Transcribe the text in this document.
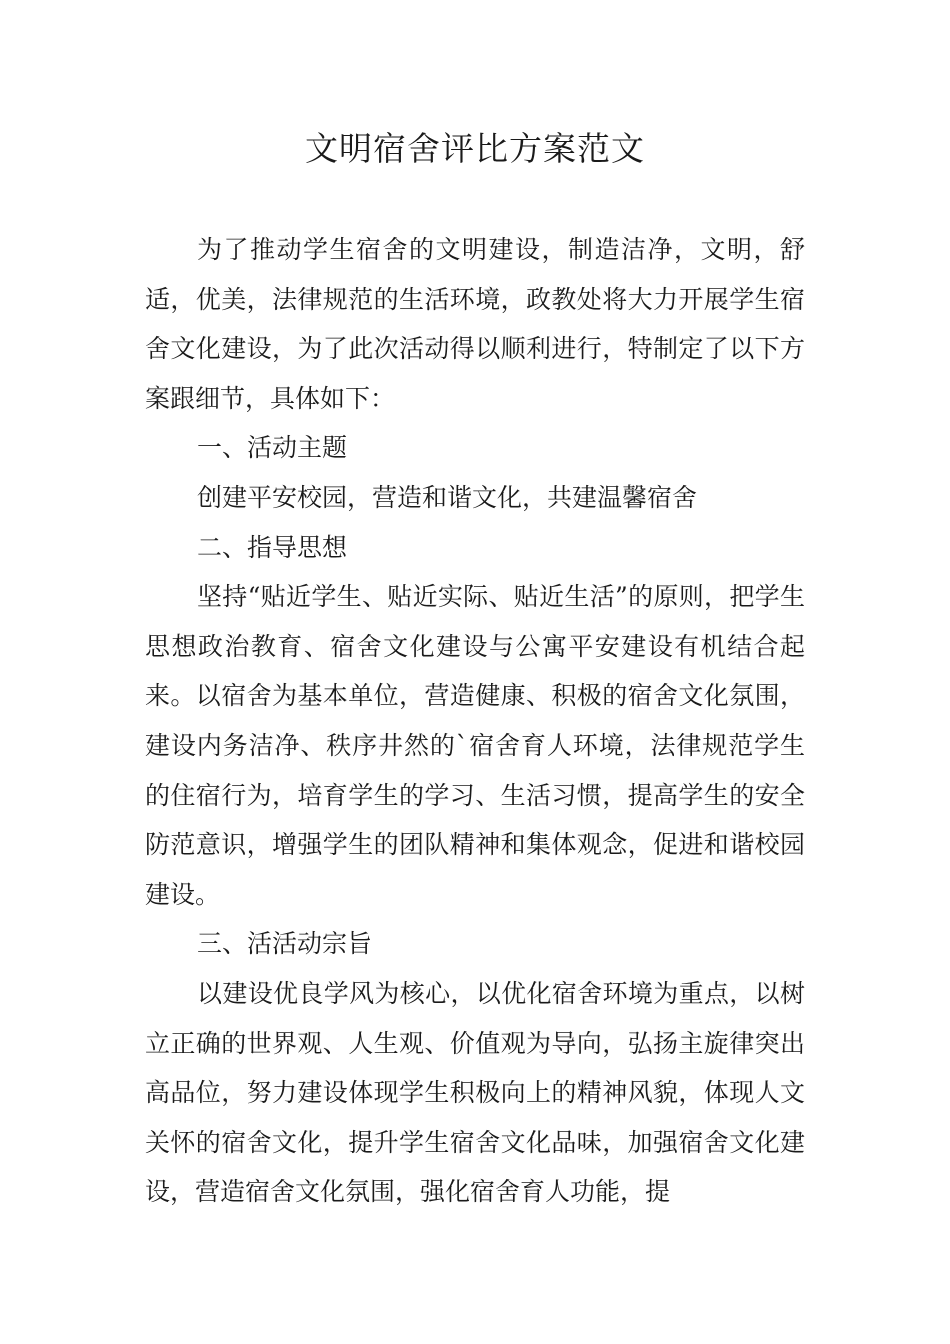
文明宿舍评比方案范文

为了推动学生宿舍的文明建设，制造洁净，文明，舒适，优美，法律规范的生活环境，政教处将大力开展学生宿舍文化建设，为了此次活动得以顺利进行，特制定了以下方案跟细节，具体如下：

一、活动主题

创建平安校园，营造和谐文化，共建温馨宿舍

二、指导思想

坚持“贴近学生、贴近实际、贴近生活”的原则，把学生思想政治教育、宿舍文化建设与公寓平安建设有机结合起来。以宿舍为基本单位，营造健康、积极的宿舍文化氛围，建设内务洁净、秩序井然的`宿舍育人环境，法律规范学生的住宿行为，培育学生的学习、生活习惯，提高学生的安全防范意识，增强学生的团队精神和集体观念，促进和谐校园建设。

三、活活动宗旨

以建设优良学风为核心，以优化宿舍环境为重点，以树立正确的世界观、人生观、价值观为导向，弘扬主旋律突出高品位，努力建设体现学生积极向上的精神风貌，体现人文关怀的宿舍文化，提升学生宿舍文化品味，加强宿舍文化建设，营造宿舍文化氛围，强化宿舍育人功能，提
